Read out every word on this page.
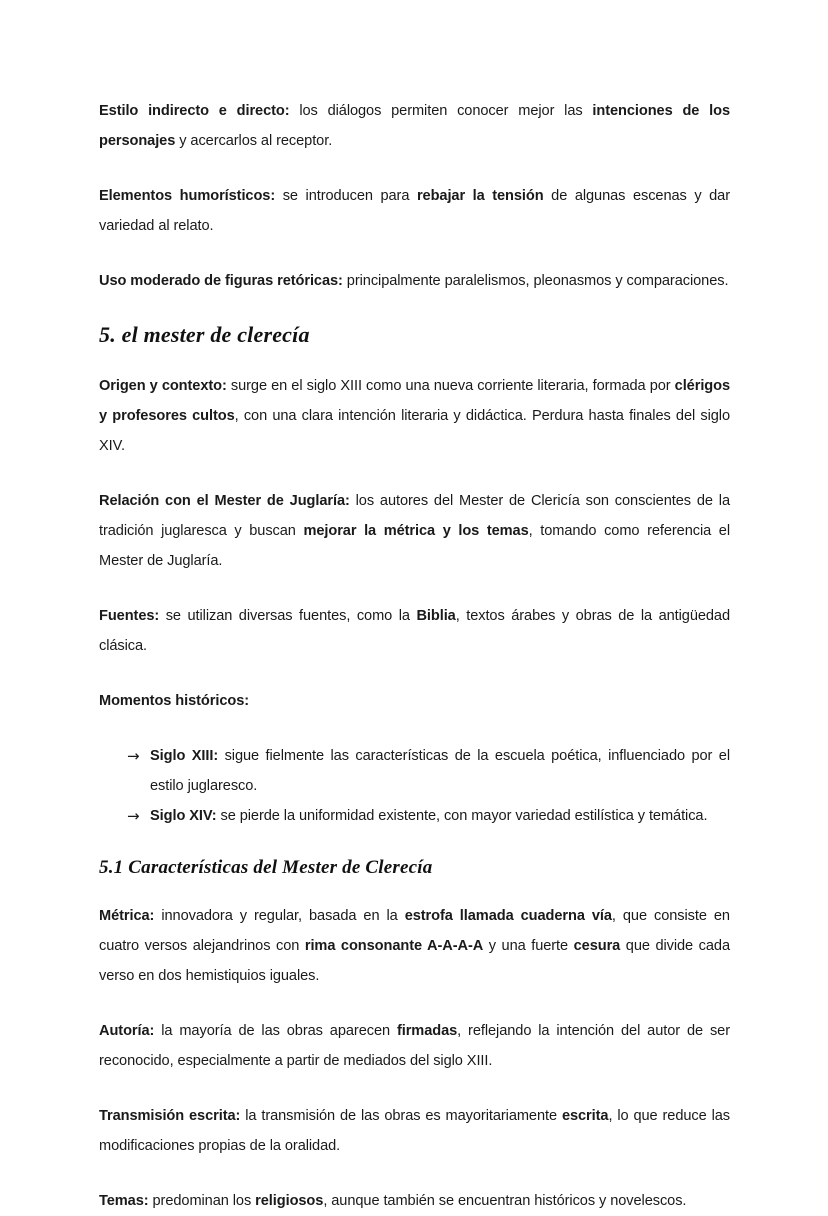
Estilo indirecto e directo: los diálogos permiten conocer mejor las intenciones de los personajes y acercarlos al receptor.

Elementos humorísticos: se introducen para rebajar la tensión de algunas escenas y dar variedad al relato.

Uso moderado de figuras retóricas: principalmente paralelismos, pleonasmos y comparaciones.

5. el mester de clerecía

Origen y contexto: surge en el siglo XIII como una nueva corriente literaria, formada por clérigos y profesores cultos, con una clara intención literaria y didáctica. Perdura hasta finales del siglo XIV.

Relación con el Mester de Juglaría: los autores del Mester de Clericía son conscientes de la tradición juglaresca y buscan mejorar la métrica y los temas, tomando como referencia el Mester de Juglaría.

Fuentes: se utilizan diversas fuentes, como la Biblia, textos árabes y obras de la antigüedad clásica.

Momentos históricos:

→ Siglo XIII: sigue fielmente las características de la escuela poética, influenciado por el estilo juglaresco.
→ Siglo XIV: se pierde la uniformidad existente, con mayor variedad estilística y temática.
5.1 Características del Mester de Clerecía

Métrica: innovadora y regular, basada en la estrofa llamada cuaderna vía, que consiste en cuatro versos alejandrinos con rima consonante A-A-A-A y una fuerte cesura que divide cada verso en dos hemistiquios iguales.

Autoría: la mayoría de las obras aparecen firmadas, reflejando la intención del autor de ser reconocido, especialmente a partir de mediados del siglo XIII.

Transmisión escrita: la transmisión de las obras es mayoritariamente escrita, lo que reduce las modificaciones propias de la oralidad.

Temas: predominan los religiosos, aunque también se encuentran históricos y novelescos.
